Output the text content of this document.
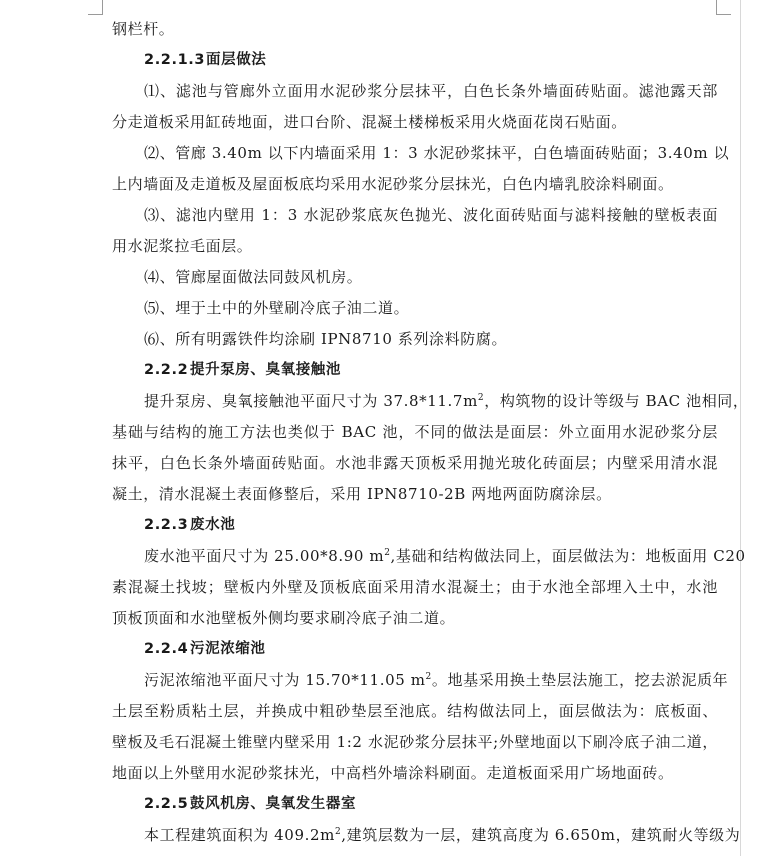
钢栏杆。
2.2.1.3面层做法
⑴、滤池与管廊外立面用水泥砂浆分层抹平，白色长条外墙面砖贴面。滤池露天部
分走道板采用缸砖地面，进口台阶、混凝土楼梯板采用火烧面花岗石贴面。
⑵、管廊 3.40m 以下内墙面采用 1：3 水泥砂浆抹平，白色墙面砖贴面；3.40m 以
上内墙面及走道板及屋面板底均采用水泥砂浆分层抹光，白色内墙乳胶涂料刷面。
⑶、滤池内壁用 1：3 水泥砂浆底灰色抛光、波化面砖贴面与滤料接触的壁板表面
用水泥浆拉毛面层。
⑷、管廊屋面做法同鼓风机房。
⑸、埋于土中的外壁刷冷底子油二道。
⑹、所有明露铁件均涂刷 IPN8710 系列涂料防腐。
2.2.2 提升泵房、臭氧接触池
提升泵房、臭氧接触池平面尺寸为 $37.8*11.7m^2$，构筑物的设计等级与 BAC 池相同，
基础与结构的施工方法也类似于 BAC 池，不同的做法是面层：外立面用水泥砂浆分层
抹平，白色长条外墙面砖贴面。水池非露天顶板采用抛光玻化砖面层；内壁采用清水混
凝土，清水混凝土表面修整后，采用 IPN8710-2B 两地两面防腐涂层。
2.2.3 废水池
废水池平面尺寸为 25.00*8.90 $m^2$,基础和结构做法同上，面层做法为：地板面用 C20
素混凝土找坡；壁板内外壁及顶板底面采用清水混凝土；由于水池全部埋入土中，水池
顶板顶面和水池壁板外侧均要求刷冷底子油二道。
2.2.4 污泥浓缩池
污泥浓缩池平面尺寸为 15.70*11.05 $m^2$。地基采用换土垫层法施工，挖去淤泥质年
土层至粉质粘土层，并换成中粗砂垫层至池底。结构做法同上，面层做法为：底板面、
壁板及毛石混凝土锥壁内壁采用 1:2 水泥砂浆分层抹平;外壁地面以下刷冷底子油二道，
地面以上外壁用水泥砂浆抹光，中高档外墙涂料刷面。走道板面采用广场地面砖。
2.2.5 鼓风机房、臭氧发生器室
本工程建筑面积为 $409.2m^2$,建筑层数为一层，建筑高度为 6.650m，建筑耐火等级为
